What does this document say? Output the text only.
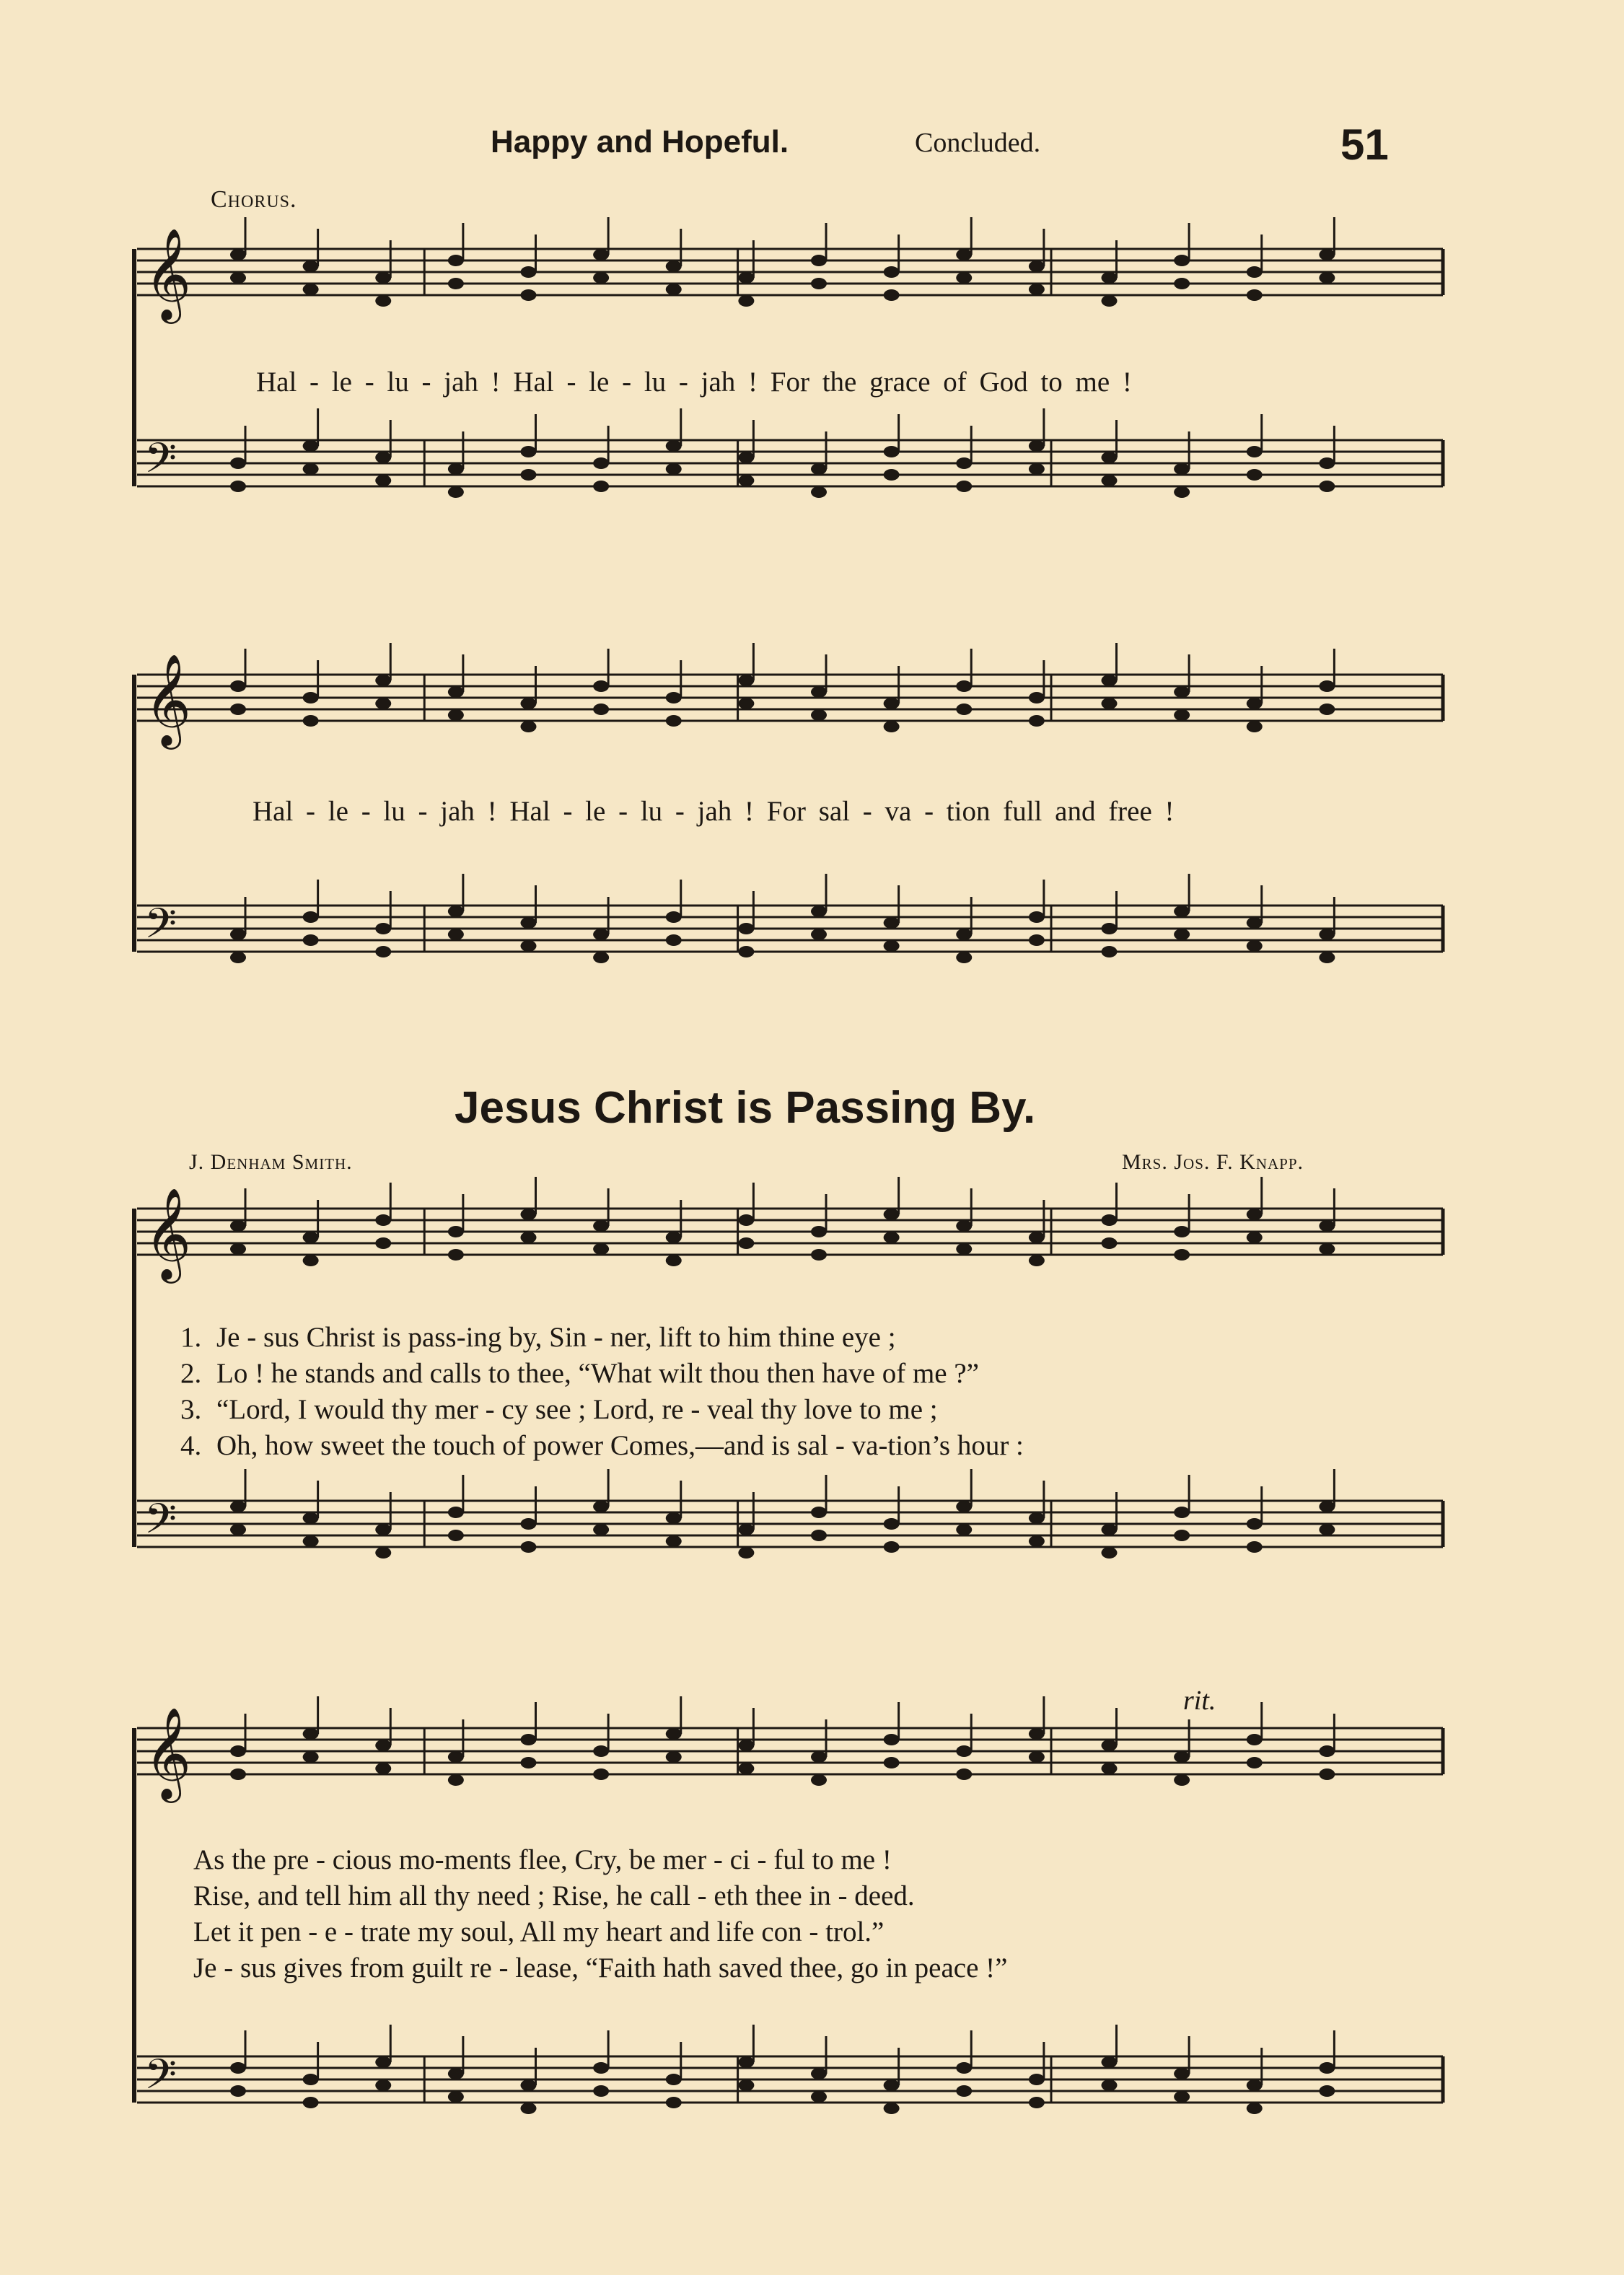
Happy and Hopeful.	Concluded.	51
Chorus.
𝄞
𝄢
𝄞
𝄢
𝄞
𝄢
𝄞
𝄢
Hal - le - lu - jah ! Hal - le - lu - jah ! For the grace of God to me !
Hal - le - lu - jah ! Hal - le - lu - jah ! For sal - va - tion full and free !
Jesus Christ is Passing By.
J. Denham Smith.	Mrs. Jos. F. Knapp.
1. Je - sus Christ is pass-ing by, Sin - ner, lift to him thine eye ;
2. Lo ! he stands and calls to thee, “What wilt thou then have of me ?”
3. “Lord, I would thy mer - cy see ; Lord, re - veal thy love to me ;
4. Oh, how sweet the touch of power Comes,—and is sal - va-tion’s hour :
rit.
As the pre - cious mo-ments flee, Cry, be mer - ci - ful to me !
Rise, and tell him all thy need ; Rise, he call - eth thee in - deed.
Let it pen - e - trate my soul, All my heart and life con - trol.”
Je - sus gives from guilt re - lease, “Faith hath saved thee, go in peace !”
